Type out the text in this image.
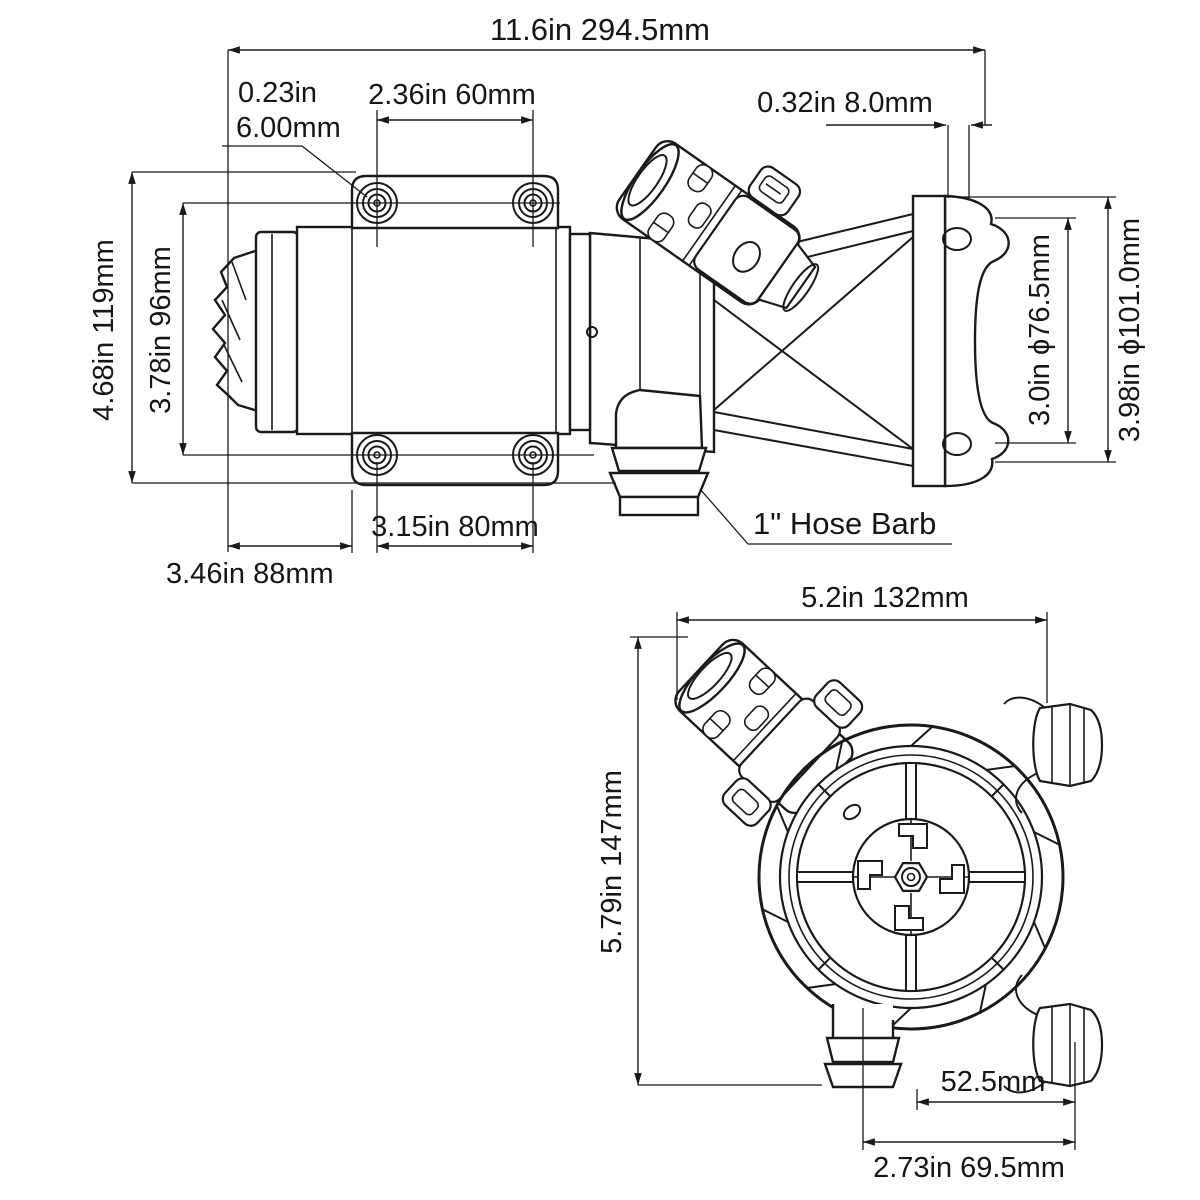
11.6in 294.5mm
0.23in
6.00mm
2.36in 60mm	0.32in 8.0mm
4.68in 119mm 3.78in 96mm	3.0in ϕ76.5mm 3.98in ϕ101.0mm
3.15in 80mm
3.46in 88mm
1" Hose Barb
5.2in 132mm
5.79in 147mm
52.5mm
2.73in 69.5mm
